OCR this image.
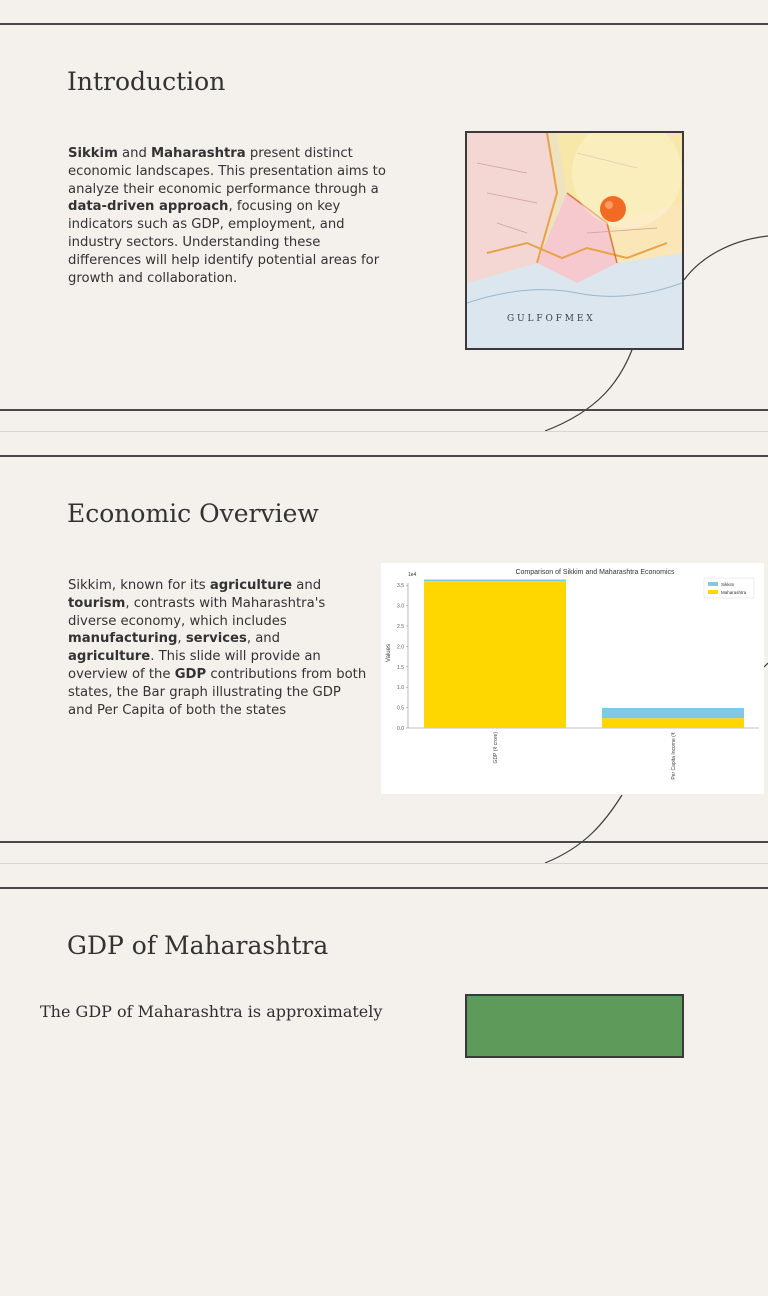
Introduction

Sikkim and Maharashtra present distinct economic landscapes. This presentation aims to analyze their economic performance through a data-driven approach, focusing on key indicators such as GDP, employment, and industry sectors. Understanding these differences will help identify potential areas for growth and collaboration.

G U L F O F M E X
Economic Overview

Sikkim, known for its agriculture and tourism, contrasts with Maharashtra's diverse economy, which includes manufacturing, services, and agriculture. This slide will provide an overview of the GDP contributions from both states, the Bar graph illustrating the GDP and Per Capita of both the states

Comparison of Sikkim and Maharashtra Economics
1e4
Values
0.0
0.5
1.0
1.5
2.0
2.5
3.0
3.5
GDP (₹ crore)	Per Capita Income (₹
Sikkim
Maharashtra
GDP of Maharashtra

The GDP of Maharashtra is approximately
